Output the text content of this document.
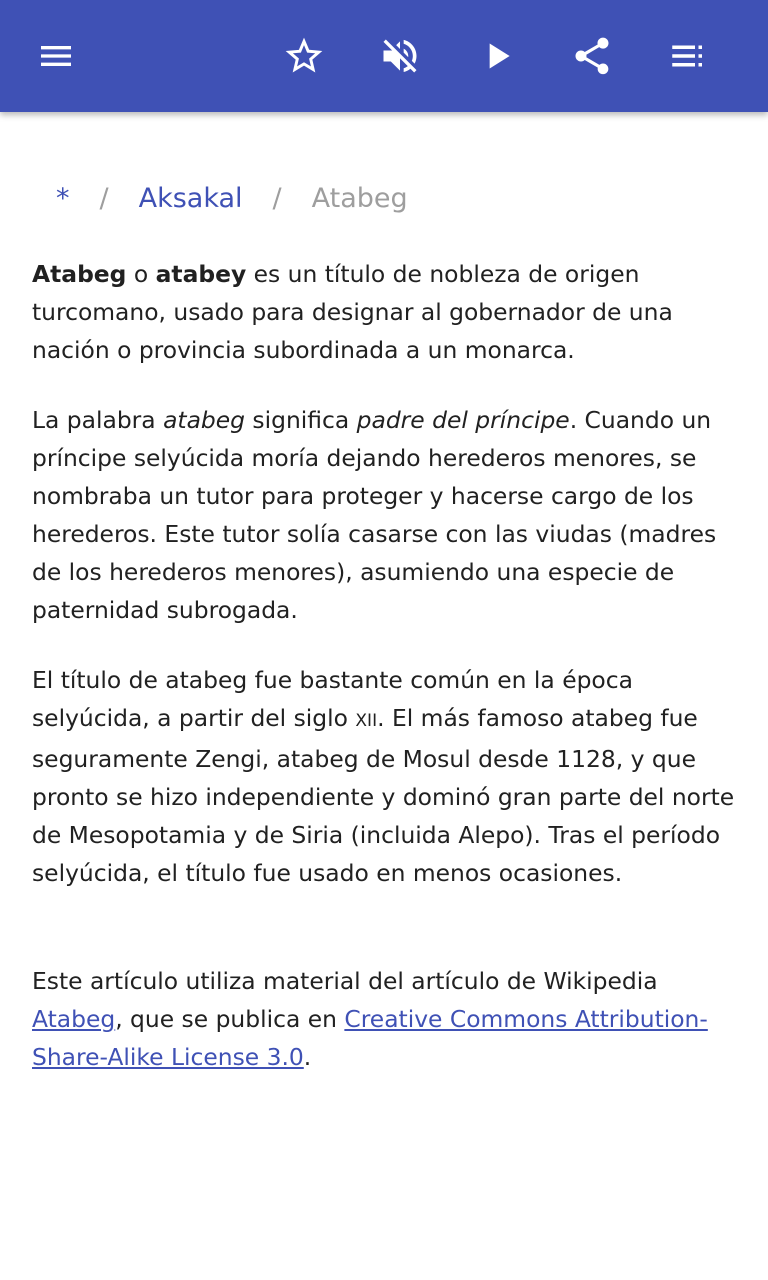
* / Aksakal / Atabeg

Atabeg o atabey es un título de nobleza de origen turcomano, usado para designar al gobernador de una nación o provincia subordinada a un monarca.

La palabra atabeg significa padre del príncipe. Cuando un príncipe selyúcida moría dejando herederos menores, se nombraba un tutor para proteger y hacerse cargo de los herederos. Este tutor solía casarse con las viudas (madres de los herederos menores), asumiendo una especie de paternidad subrogada.

El título de atabeg fue bastante común en la época selyúcida, a partir del siglo XII. El más famoso atabeg fue seguramente Zengi, atabeg de Mosul desde 1128, y que pronto se hizo independiente y dominó gran parte del norte de Mesopotamia y de Siria (incluida Alepo). Tras el período selyúcida, el título fue usado en menos ocasiones.

Este artículo utiliza material del artículo de Wikipedia Atabeg, que se publica en Creative Commons Attribution-Share-Alike License 3.0.
